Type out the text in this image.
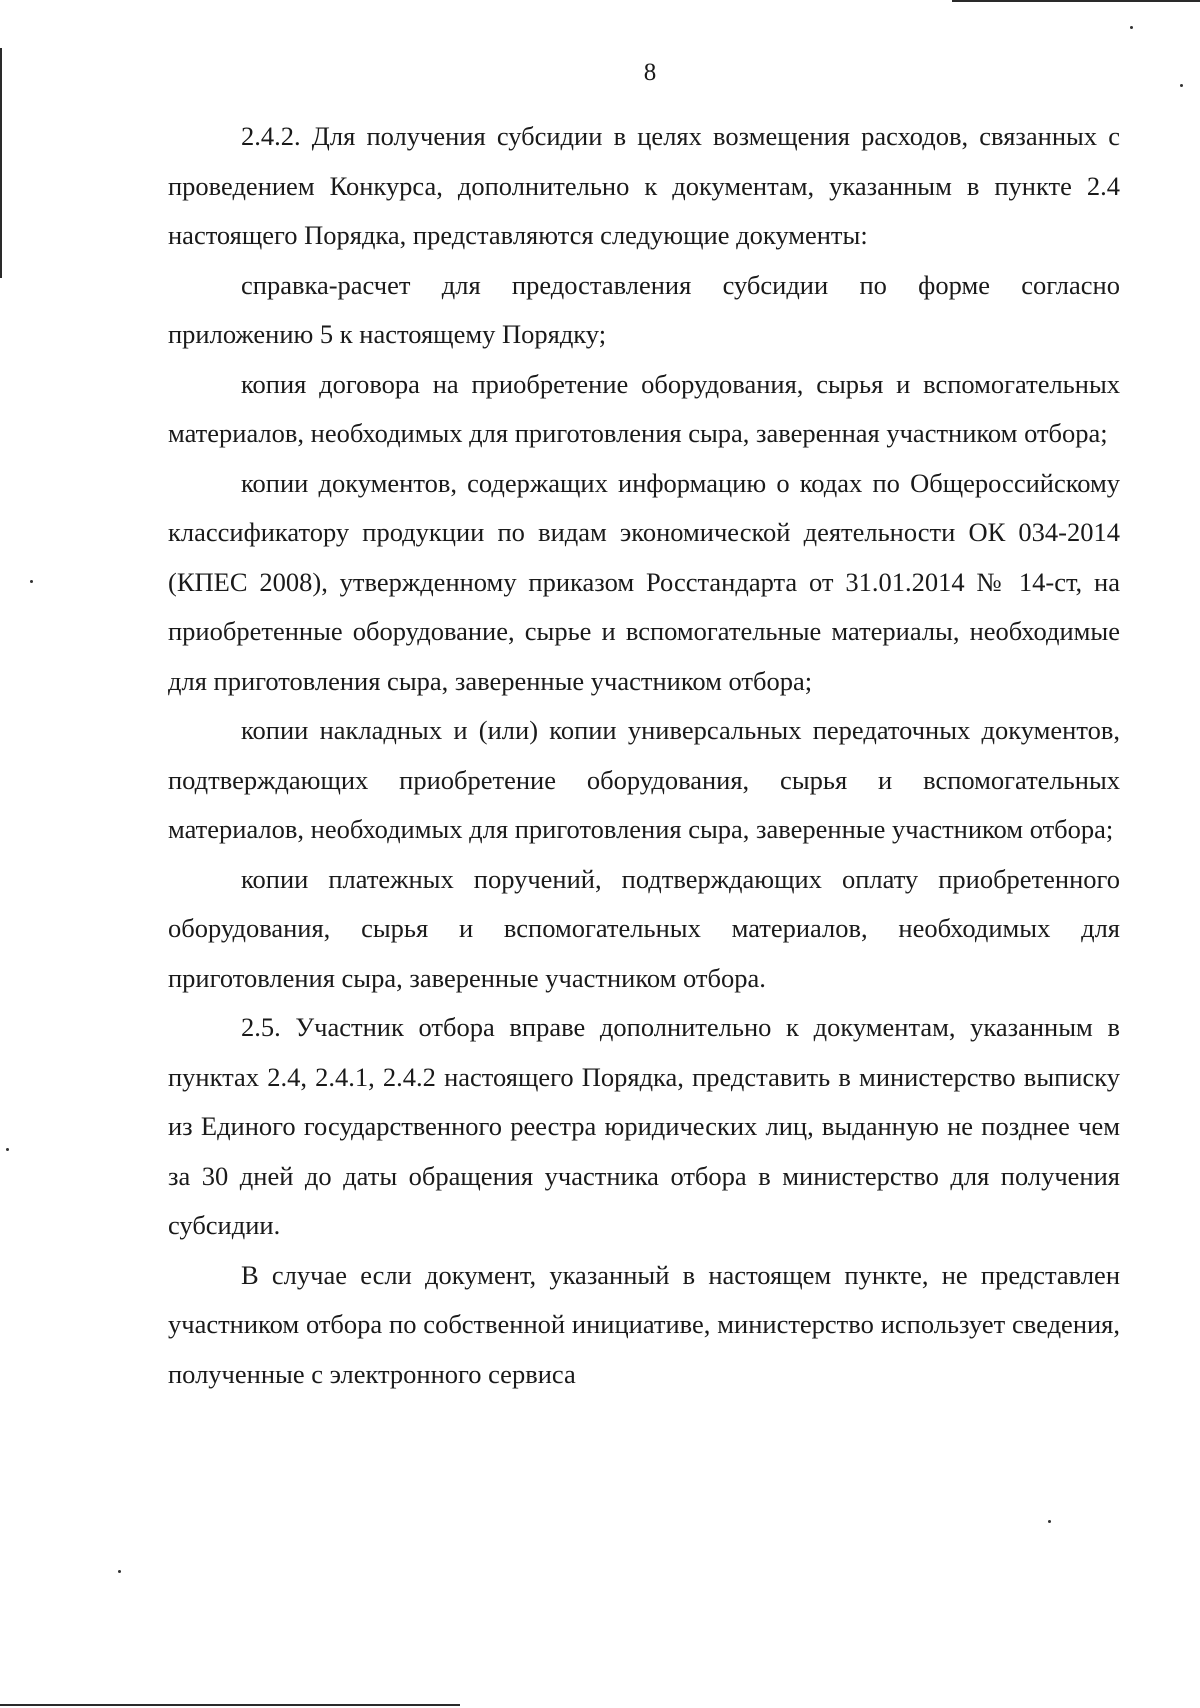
8

2.4.2. Для получения субсидии в целях возмещения расходов, связанных с проведением Конкурса, дополнительно к документам, указанным в пункте 2.4 настоящего Порядка, представляются следующие документы:

справка-расчет для предоставления субсидии по форме согласно приложению 5 к настоящему Порядку;

копия договора на приобретение оборудования, сырья и вспомогательных материалов, необходимых для приготовления сыра, заверенная участником отбора;

копии документов, содержащих информацию о кодах по Общероссийскому классификатору продукции по видам экономической деятельности ОК 034-2014 (КПЕС 2008), утвержденному приказом Росстандарта от 31.01.2014 № 14-ст, на приобретенные оборудование, сырье и вспомогательные материалы, необходимые для приготовления сыра, заверенные участником отбора;

копии накладных и (или) копии универсальных передаточных документов, подтверждающих приобретение оборудования, сырья и вспомогательных материалов, необходимых для приготовления сыра, заверенные участником отбора;

копии платежных поручений, подтверждающих оплату приобретенного оборудования, сырья и вспомогательных материалов, необходимых для приготовления сыра, заверенные участником отбора.

2.5. Участник отбора вправе дополнительно к документам, указанным в пунктах 2.4, 2.4.1, 2.4.2 настоящего Порядка, представить в министерство выписку из Единого государственного реестра юридических лиц, выданную не позднее чем за 30 дней до даты обращения участника отбора в министерство для получения субсидии.

В случае если документ, указанный в настоящем пункте, не представлен участником отбора по собственной инициативе, министерство использует сведения, полученные с электронного сервиса
